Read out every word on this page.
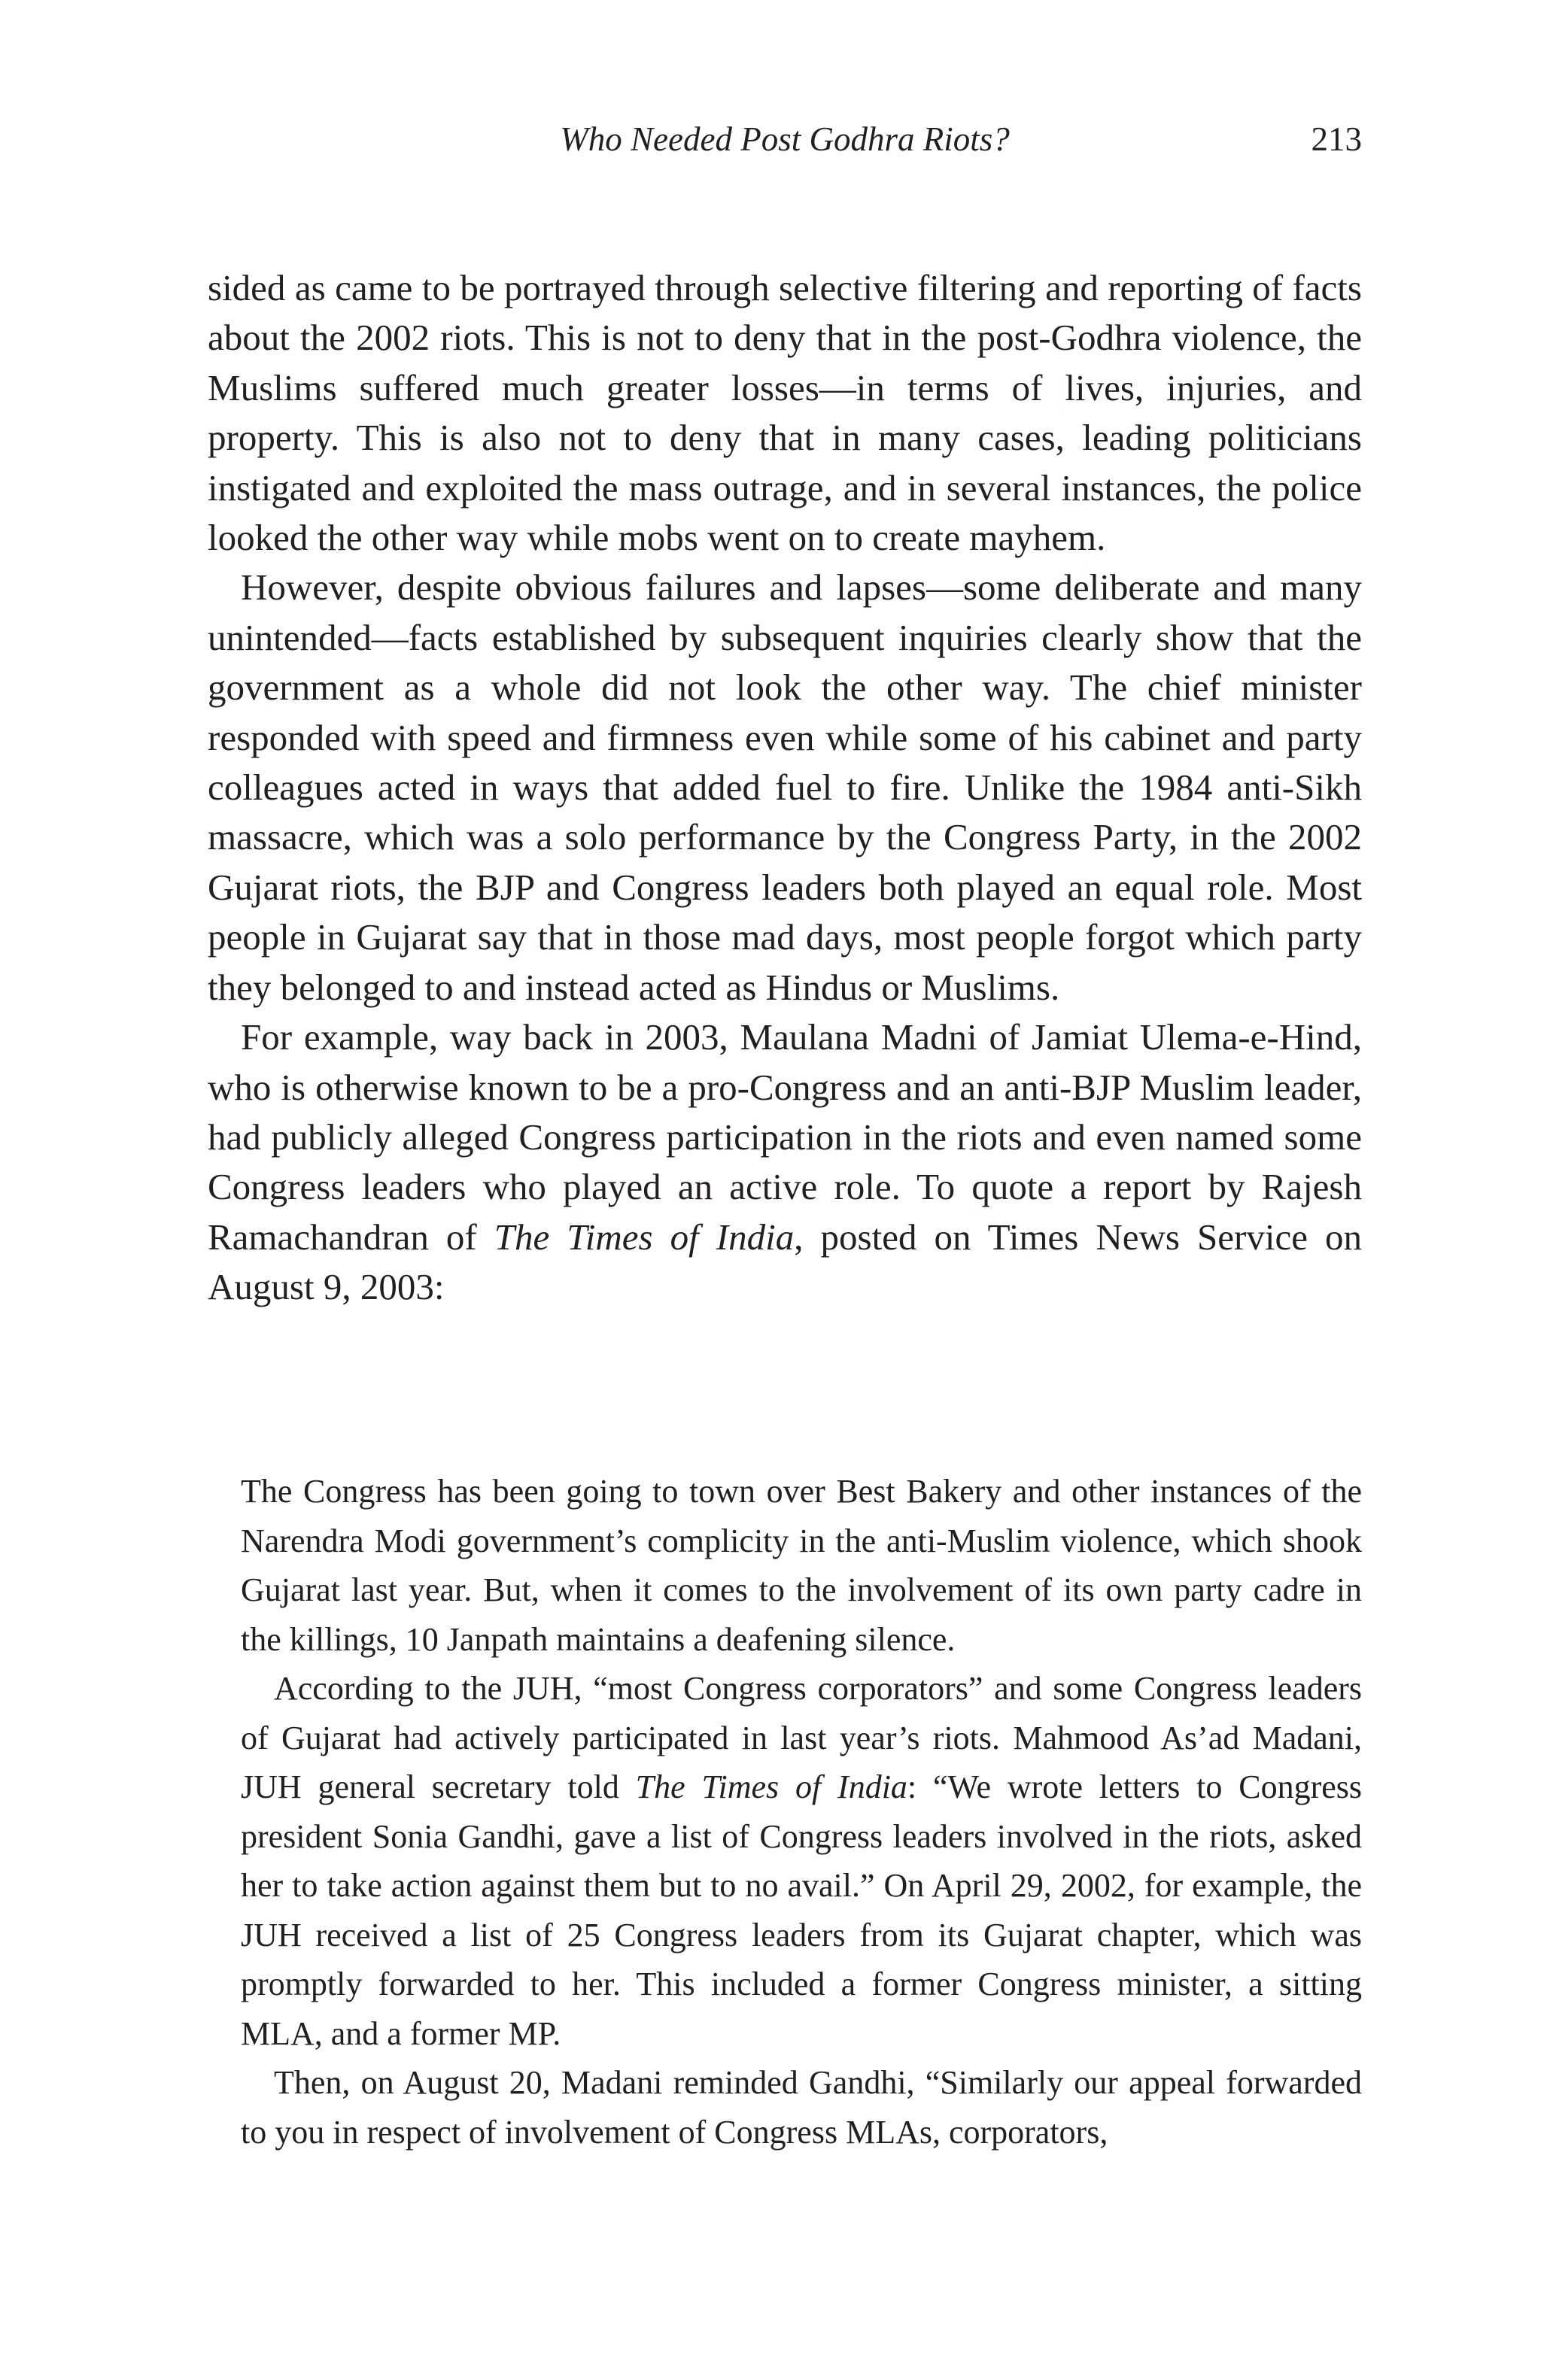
Who Needed Post Godhra Riots?	213

sided as came to be portrayed through selective filtering and reporting of facts about the 2002 riots. This is not to deny that in the post-Godhra violence, the Muslims suffered much greater losses—in terms of lives, injuries, and property. This is also not to deny that in many cases, leading politicians instigated and exploited the mass outrage, and in several instances, the police looked the other way while mobs went on to create mayhem.

However, despite obvious failures and lapses—some deliberate and many unintended—facts established by subsequent inquiries clearly show that the government as a whole did not look the other way. The chief minister responded with speed and firmness even while some of his cabinet and party colleagues acted in ways that added fuel to fire. Unlike the 1984 anti-Sikh massacre, which was a solo performance by the Congress Party, in the 2002 Gujarat riots, the BJP and Congress leaders both played an equal role. Most people in Gujarat say that in those mad days, most people forgot which party they belonged to and instead acted as Hindus or Muslims.

For example, way back in 2003, Maulana Madni of Jamiat Ulema-e-Hind, who is otherwise known to be a pro-Congress and an anti-BJP Muslim leader, had publicly alleged Congress participation in the riots and even named some Congress leaders who played an active role. To quote a report by Rajesh Ramachandran of The Times of India, posted on Times News Service on August 9, 2003:

The Congress has been going to town over Best Bakery and other instances of the Narendra Modi government’s complicity in the anti-Muslim violence, which shook Gujarat last year. But, when it comes to the involvement of its own party cadre in the killings, 10 Janpath maintains a deafening silence.

According to the JUH, “most Congress corporators” and some Congress leaders of Gujarat had actively participated in last year’s riots. Mahmood As’ad Madani, JUH general secretary told The Times of India: “We wrote letters to Congress president Sonia Gandhi, gave a list of Congress leaders involved in the riots, asked her to take action against them but to no avail.” On April 29, 2002, for example, the JUH received a list of 25 Congress leaders from its Gujarat chapter, which was promptly forwarded to her. This included a former Congress minister, a sitting MLA, and a former MP.

Then, on August 20, Madani reminded Gandhi, “Similarly our appeal forwarded to you in respect of involvement of Congress MLAs, corporators,
